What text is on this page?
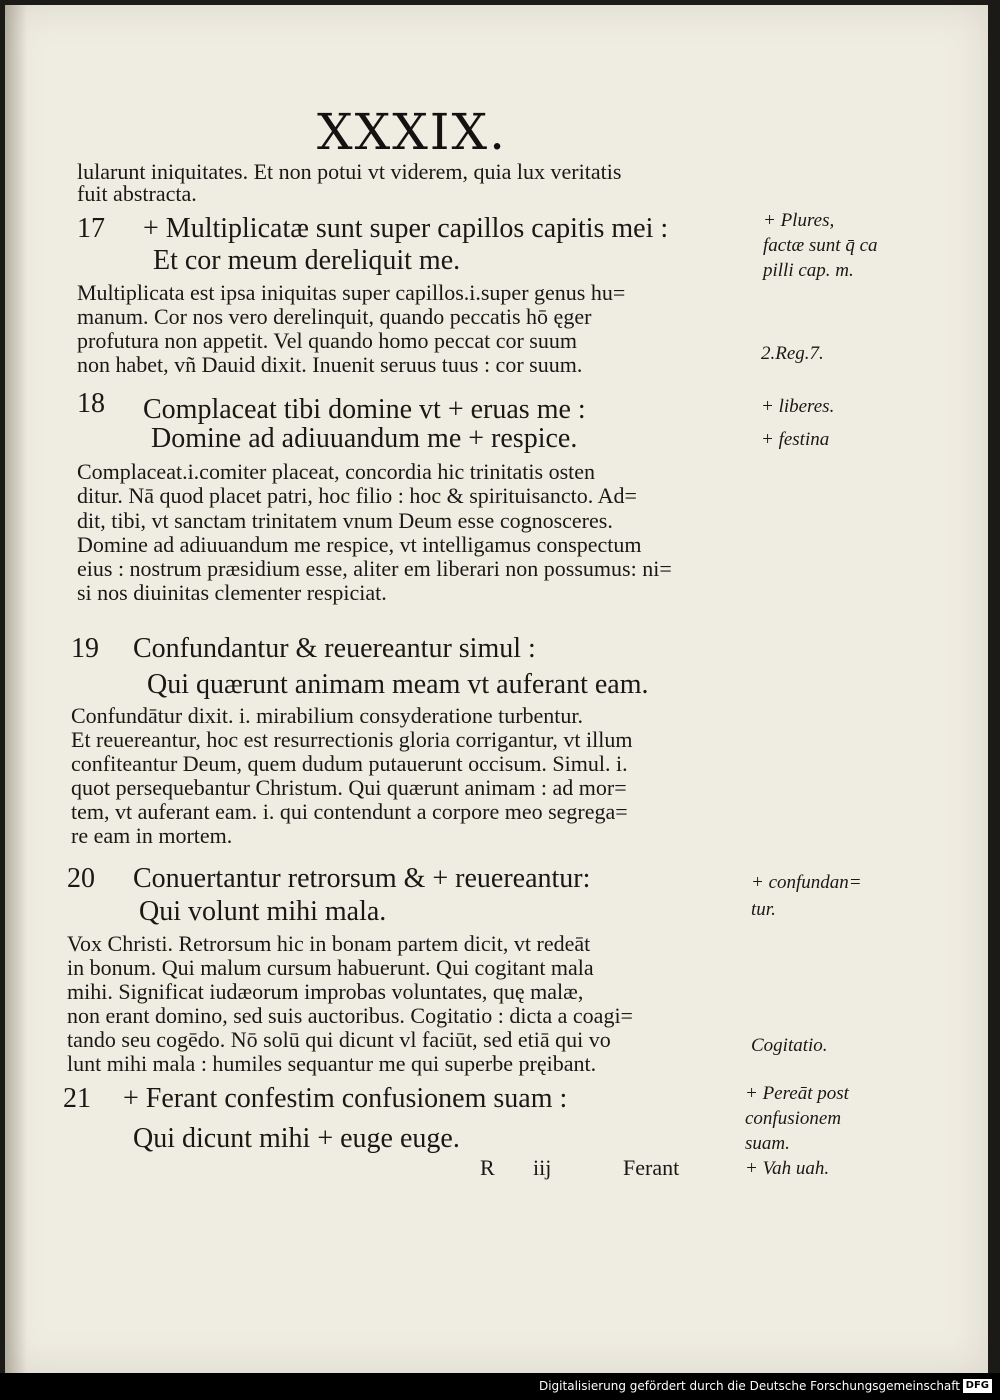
XXXIX.
lularunt iniquitates. Et non potui vt viderem, quia lux veritatis
fuit abstracta.
17 + Multiplicatæ sunt super capillos capitis mei :
Et cor meum dereliquit me.
Multiplicata est ipsa iniquitas super capillos.i.super genus hu=
manum. Cor nos vero derelinquit, quando peccatis hō ęger
profutura non appetit. Vel quando homo peccat cor suum
non habet, vñ Dauid dixit. Inuenit seruus tuus : cor suum.
18 Complaceat tibi domine vt + eruas me :
Domine ad adiuuandum me + respice.
Complaceat.i.comiter placeat, concordia hic trinitatis osten
ditur. Nā quod placet patri, hoc filio : hoc & spirituisancto. Ad=
dit, tibi, vt sanctam trinitatem vnum Deum esse cognosceres.
Domine ad adiuuandum me respice, vt intelligamus conspectum
eius : nostrum præsidium esse, aliter em liberari non possumus: ni=
si nos diuinitas clementer respiciat.
19 Confundantur & reuereantur simul :
Qui quærunt animam meam vt auferant eam.
Confundātur dixit. i. mirabilium consyderatione turbentur.
Et reuereantur, hoc est resurrectionis gloria corrigantur, vt illum
confiteantur Deum, quem dudum putauerunt occisum. Simul. i.
quot persequebantur Christum. Qui quærunt animam : ad mor=
tem, vt auferant eam. i. qui contendunt a corpore meo segrega=
re eam in mortem.
20 Conuertantur retrorsum & + reuereantur:
Qui volunt mihi mala.
Vox Christi. Retrorsum hic in bonam partem dicit, vt redeāt
in bonum. Qui malum cursum habuerunt. Qui cogitant mala
mihi. Significat iudæorum improbas voluntates, quę malæ,
non erant domino, sed suis auctoribus. Cogitatio : dicta a coagi=
tando seu cogēdo. Nō solū qui dicunt vl faciūt, sed etiā qui vo
lunt mihi mala : humiles sequantur me qui superbe pręibant.
21 + Ferant confestim confusionem suam :
Qui dicunt mihi + euge euge.
R iij	Ferant
+ Plures,
factæ sunt q̄ ca
pilli cap. m.
2.Reg.7.
+ liberes.
+ festina
+ confundan=
tur.
Cogitatio.
+ Pereāt post
confusionem
suam.
+ Vah uah.
Digitalisierung gefördert durch die Deutsche Forschungsgemeinschaft DFG
